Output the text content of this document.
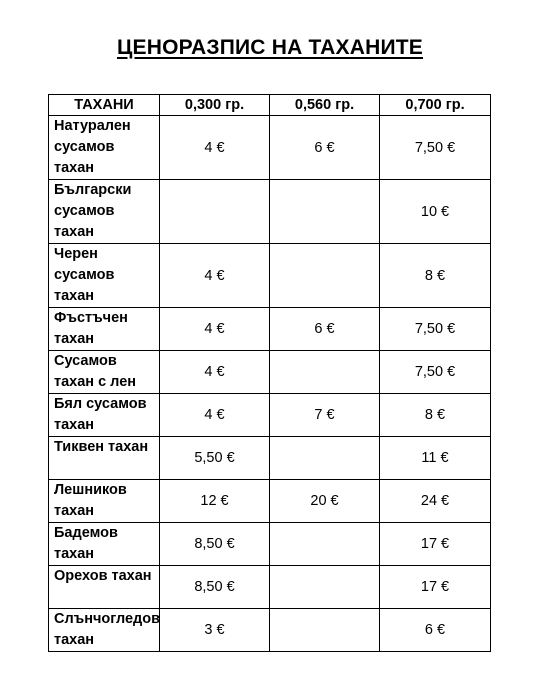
ЦЕНОРАЗПИС НА ТАХАНИТЕ
ТАХАНИ	0,300 гр.	0,560 гр.	0,700 гр.
Натурален сусамов тахан	4 €	6 €	7,50 €
Български сусамов тахан			10 €
Черен сусамов тахан	4 €		8 €
Фъстъчен тахан	4 €	6 €	7,50 €
Сусамов тахан с лен	4 €		7,50 €
Бял сусамов тахан	4 €	7 €	8 €
Тиквен тахан	5,50 €		11 €
Лешников тахан	12 €	20 €	24 €
Бадемов тахан	8,50 €		17 €
Орехов тахан	8,50 €		17 €
Слънчогледов тахан	3 €		6 €
